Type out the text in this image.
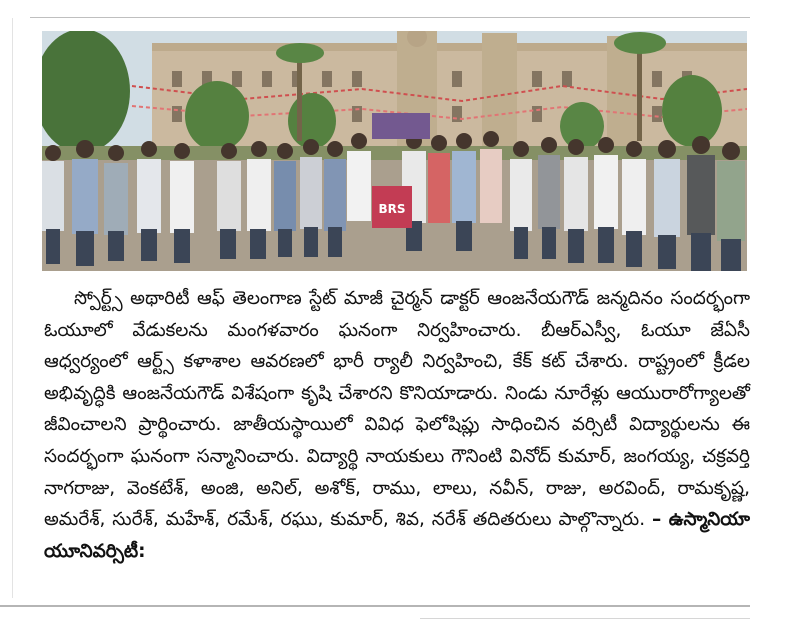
BRS

స్పోర్ట్స్ అథారిటీ ఆఫ్ తెలంగాణ స్టేట్ మాజీ చైర్మన్ డాక్టర్ ఆంజనేయగౌడ్ జన్మదినం సందర్భంగా ఓయూలో వేడుకలను మంగళవారం ఘనంగా నిర్వహించారు. బీఆర్ఎస్వీ, ఓయూ జేఏసీ ఆధ్వర్యంలో ఆర్ట్స్ కళాశాల ఆవరణలో భారీ ర్యాలీ నిర్వహించి, కేక్ కట్ చేశారు. రాష్ట్రంలో క్రీడల అభివృద్ధికి ఆంజనేయగౌడ్ విశేషంగా కృషి చేశారని కొనియాడారు. నిండు నూరేళ్లు ఆయురారోగ్యాలతో జీవించాలని ప్రార్థించారు. జాతీయస్థాయిలో వివిధ ఫెలోషిప్లు సాధించిన వర్సిటీ విద్యార్థులను ఈ సందర్భంగా ఘనంగా సన్మానించారు. విద్యార్థి నాయకులు గౌనింటి వినోద్ కుమార్, జంగయ్య, చక్రవర్తి నాగరాజు, వెంకటేశ్, అంజి, అనిల్, అశోక్, రాము, లాలు, నవీన్, రాజు, అరవింద్, రామకృష్ణ, అమరేశ్, సురేశ్, మహేశ్, రమేశ్, రఘు, కుమార్, శివ, నరేశ్ తదితరులు పాల్గొన్నారు. – ఉస్మానియా యూనివర్సిటీ:
